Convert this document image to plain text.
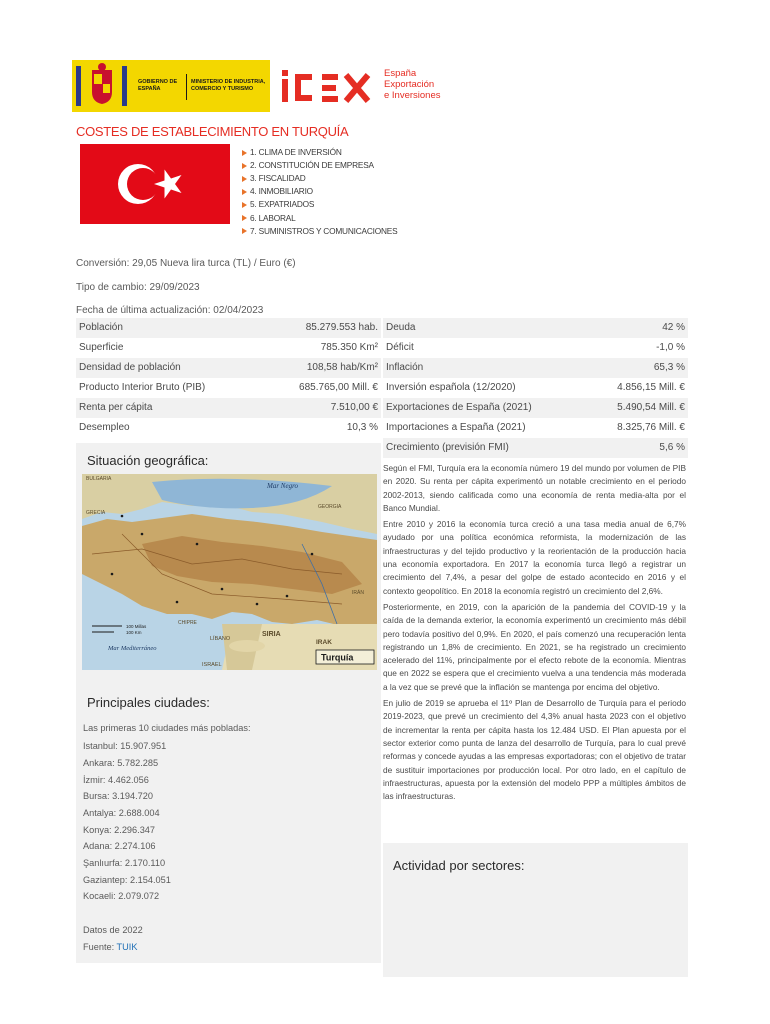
GOBIERNO DE ESPAÑA
MINISTERIO DE INDUSTRIA, COMERCIO Y TURISMO
España
Exportación
e Inversiones
COSTES DE ESTABLECIMIENTO EN TURQUÍA
1. CLIMA DE INVERSIÓN
2. CONSTITUCIÓN DE EMPRESA
3. FISCALIDAD
4. INMOBILIARIO
5. EXPATRIADOS
6. LABORAL
7. SUMINISTROS Y COMUNICACIONES
Conversión: 29,05 Nueva lira turca (TL) / Euro (€)
Tipo de cambio: 29/09/2023
Fecha de última actualización: 02/04/2023
Población	85.279.553 hab.
Superficie	785.350 Km²
Densidad de población	108,58 hab/Km²
Producto Interior Bruto (PIB)	685.765,00 Mill. €
Renta per cápita	7.510,00 €
Desempleo	10,3 %
Deuda	42 %
Déficit	-1,0 %
Inflación	65,3 %
Inversión española (12/2020)	4.856,15 Mill. €
Exportaciones de España (2021)	5.490,54 Mill. €
Importaciones a España (2021)	8.325,76 Mill. €
Crecimiento (previsión FMI)	5,6 %
Situación geográfica:
Mar Negro
Mar Mediterráneo
SIRIA
IRAK
LÍBANO
ISRAEL
BULGARIA
GRECIA
GEORGIA
IRÁN
CHIPRE
100 Millas
100 Km
Turquía
Principales ciudades:
Las primeras 10 ciudades más pobladas:
Istanbul: 15.907.951
Ankara: 5.782.285
İzmir: 4.462.056
Bursa: 3.194.720
Antalya: 2.688.004
Konya: 2.296.347
Adana: 2.274.106
Şanlıurfa: 2.170.110
Gaziantep: 2.154.051
Kocaeli: 2.079.072
Datos de 2022
Fuente: TUIK

Según el FMI, Turquía era la economía número 19 del mundo por volumen de PIB en 2020. Su renta per cápita experimentó un notable crecimiento en el periodo 2002-2013, siendo calificada como una economía de renta media-alta por el Banco Mundial.

Entre 2010 y 2016 la economía turca creció a una tasa media anual de 6,7% ayudado por una política económica reformista, la modernización de las infraestructuras y del tejido productivo y la reorientación de la producción hacia una economía exportadora. En 2017 la economía turca llegó a registrar un crecimiento del 7,4%, a pesar del golpe de estado acontecido en 2016 y el contexto geopolítico. En 2018 la economía registró un crecimiento del 2,6%.

Posteriormente, en 2019, con la aparición de la pandemia del COVID-19 y la caída de la demanda exterior, la economía experimentó un crecimiento más débil pero todavía positivo del 0,9%. En 2020, el país comenzó una recuperación lenta registrando un 1,8% de crecimiento. En 2021, se ha registrado un crecimiento acelerado del 11%, principalmente por el efecto rebote de la economía. Mientras que en 2022 se espera que el crecimiento vuelva a una tendencia más moderada a la vez que se prevé que la inflación se mantenga por encima del objetivo.

En julio de 2019 se aprueba el 11º Plan de Desarrollo de Turquía para el periodo 2019-2023, que prevé un crecimiento del 4,3% anual hasta 2023 con el objetivo de incrementar la renta per cápita hasta los 12.484 USD. El Plan apuesta por el sector exterior como punta de lanza del desarrollo de Turquía, para lo cual prevé reformas y concede ayudas a las empresas exportadoras; con el objetivo de tratar de sustituir importaciones por producción local. Por otro lado, en el capítulo de infraestructuras, apuesta por la extensión del modelo PPP a múltiples ámbitos de las infraestructuras.

Actividad por sectores:
